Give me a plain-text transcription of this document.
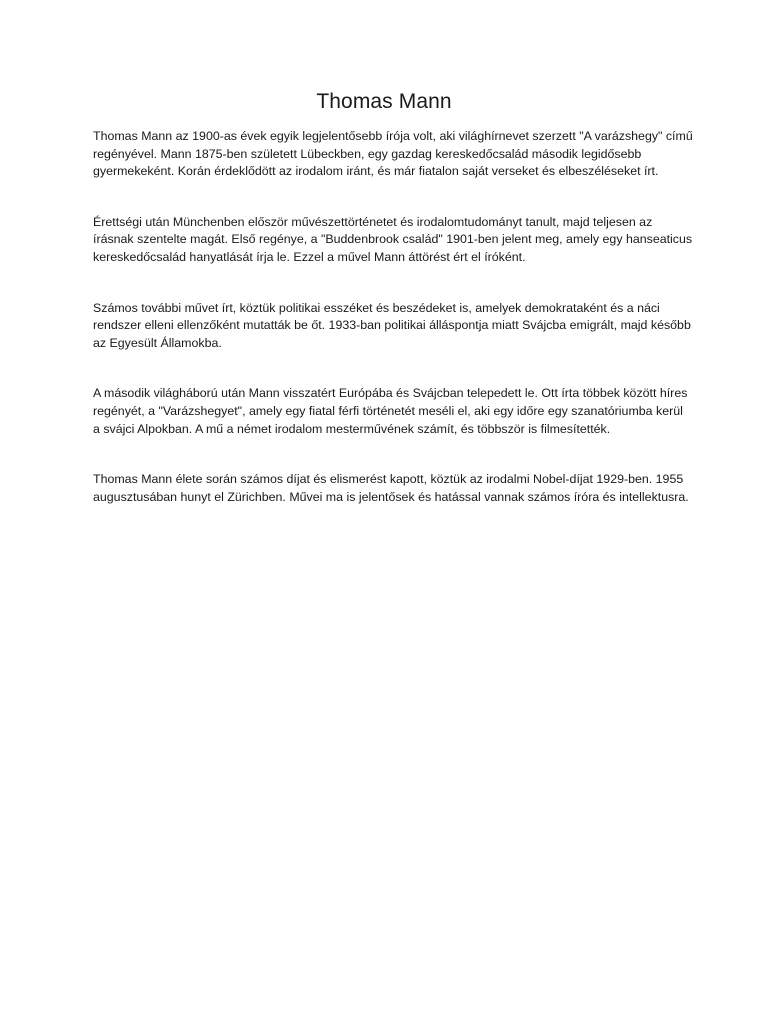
Thomas Mann

Thomas Mann az 1900-as évek egyik legjelentősebb írója volt, aki világhírnevet szerzett "A varázshegy" című regényével. Mann 1875-ben született Lübeckben, egy gazdag kereskedőcsalád második legidősebb gyermekeként. Korán érdeklődött az irodalom iránt, és már fiatalon saját verseket és elbeszéléseket írt.

Érettségi után Münchenben először művészettörténetet és irodalomtudományt tanult, majd teljesen az írásnak szentelte magát. Első regénye, a "Buddenbrook család" 1901-ben jelent meg, amely egy hanseaticus kereskedőcsalád hanyatlását írja le. Ezzel a művel Mann áttörést ért el íróként.

Számos további művet írt, köztük politikai esszéket és beszédeket is, amelyek demokrataként és a náci rendszer elleni ellenzőként mutatták be őt. 1933-ban politikai álláspontja miatt Svájcba emigrált, majd később az Egyesült Államokba.

A második világháború után Mann visszatért Európába és Svájcban telepedett le. Ott írta többek között híres regényét, a "Varázshegyet", amely egy fiatal férfi történetét meséli el, aki egy időre egy szanatóriumba kerül a svájci Alpokban. A mű a német irodalom mesterművének számít, és többször is filmesítették.

Thomas Mann élete során számos díjat és elismerést kapott, köztük az irodalmi Nobel-díjat 1929-ben. 1955 augusztusában hunyt el Zürichben. Művei ma is jelentősek és hatással vannak számos íróra és intellektusra.
